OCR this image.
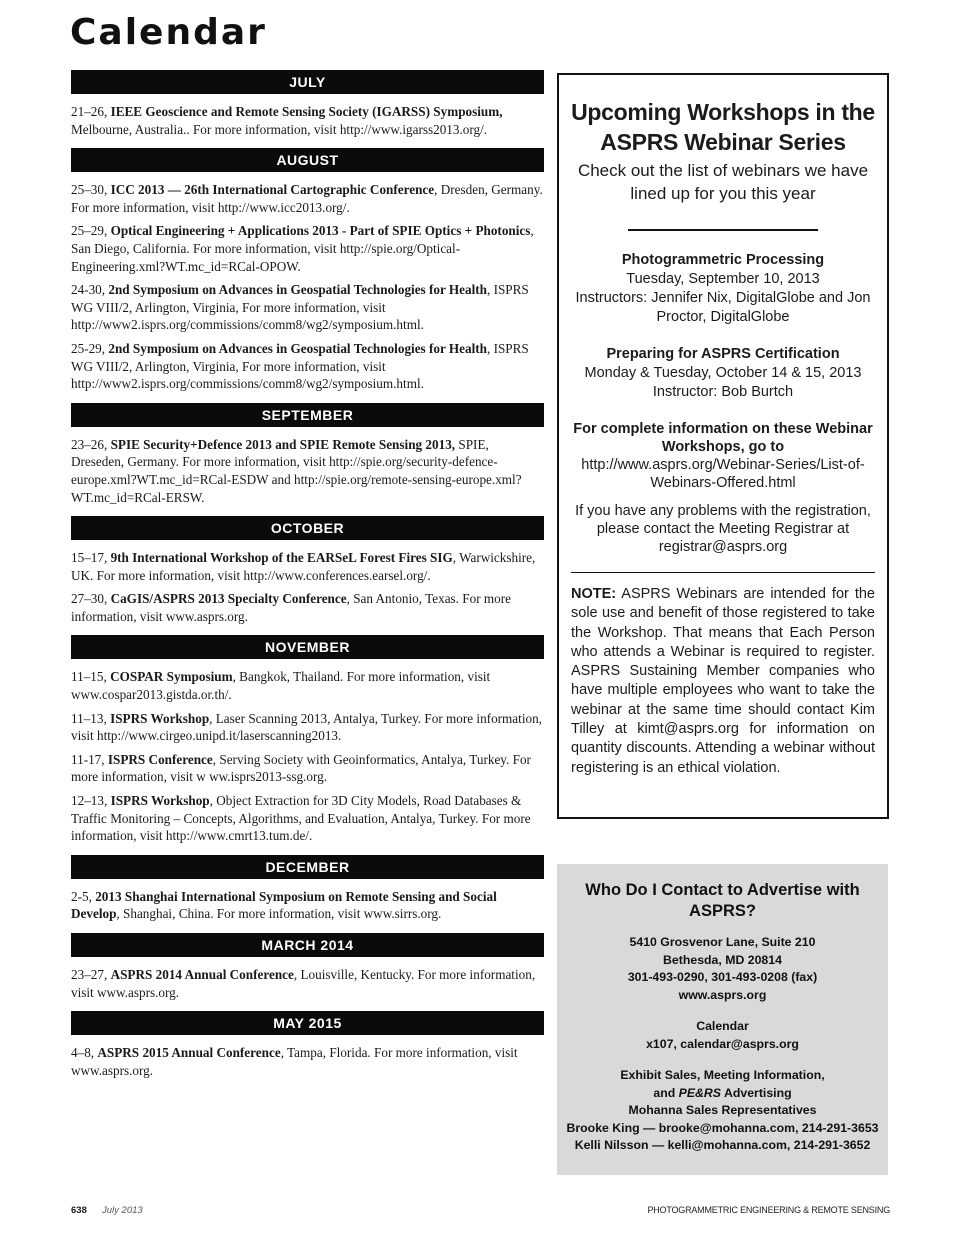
Calendar
JULY

21–26, IEEE Geoscience and Remote Sensing Society (IGARSS) Symposium, Melbourne, Australia.. For more information, visit http://www.igarss2013.org/.

AUGUST

25–30, ICC 2013 — 26th International Cartographic Conference, Dresden, Germany. For more information, visit http://www.icc2013.org/.

25–29, Optical Engineering + Applications 2013 - Part of SPIE Optics + Photonics, San Diego, California. For more information, visit http://spie.org/Optical-Engineering.xml?WT.mc_id=RCal-OPOW.

24-30, 2nd Symposium on Advances in Geospatial Technologies for Health, ISPRS WG VIII/2, Arlington, Virginia, For more information, visit http://www2.isprs.org/commissions/comm8/wg2/symposium.html.

25-29, 2nd Symposium on Advances in Geospatial Technologies for Health, ISPRS WG VIII/2, Arlington, Virginia, For more information, visit http://www2.isprs.org/commissions/comm8/wg2/symposium.html.

SEPTEMBER

23–26, SPIE Security+Defence 2013 and SPIE Remote Sensing 2013, SPIE, Dreseden, Germany. For more information, visit http://spie.org/security-defence-europe.xml?WT.mc_id=RCal-ESDW and http://spie.org/remote-sensing-europe.xml?WT.mc_id=RCal-ERSW.

OCTOBER

15–17, 9th International Workshop of the EARSeL Forest Fires SIG, Warwickshire, UK. For more information, visit http://www.conferences.earsel.org/.

27–30, CaGIS/ASPRS 2013 Specialty Conference, San Antonio, Texas. For more information, visit www.asprs.org.

NOVEMBER

11–15, COSPAR Symposium, Bangkok, Thailand. For more information, visit www.cospar2013.gistda.or.th/.

11–13, ISPRS Workshop, Laser Scanning 2013, Antalya, Turkey. For more information, visit http://www.cirgeo.unipd.it/laserscanning2013.

11-17, ISPRS Conference, Serving Society with Geoinformatics, Antalya, Turkey. For more information, visit w ww.isprs2013-ssg.org.

12–13, ISPRS Workshop, Object Extraction for 3D City Models, Road Databases & Traffic Monitoring – Concepts, Algorithms, and Evaluation, Antalya, Turkey. For more information, visit http://www.cmrt13.tum.de/.

DECEMBER

2-5, 2013 Shanghai International Symposium on Remote Sensing and Social Develop, Shanghai, China. For more information, visit www.sirrs.org.

MARCH 2014

23–27, ASPRS 2014 Annual Conference, Louisville, Kentucky. For more information, visit www.asprs.org.

MAY 2015

4–8, ASPRS 2015 Annual Conference, Tampa, Florida. For more information, visit www.asprs.org.

Upcoming Workshops in the ASPRS Webinar Series
Check out the list of webinars we have lined up for you this year
Photogrammetric Processing
Tuesday, September 10, 2013
Instructors: Jennifer Nix, DigitalGlobe and Jon Proctor, DigitalGlobe
Preparing for ASPRS Certification
Monday & Tuesday, October 14 & 15, 2013
Instructor: Bob Burtch
For complete information on these Webinar Workshops, go to
http://www.asprs.org/Webinar-Series/List-of-Webinars-Offered.html
If you have any problems with the registration, please contact the Meeting Registrar at registrar@asprs.org
NOTE: ASPRS Webinars are intended for the sole use and benefit of those registered to take the Workshop. That means that Each Person who attends a Webinar is required to register. ASPRS Sustaining Member companies who have multiple employees who want to take the webinar at the same time should contact Kim Tilley at kimt@asprs.org for information on quantity discounts. Attending a webinar without registering is an ethical violation.
Who Do I Contact to Advertise with ASPRS?
5410 Grosvenor Lane, Suite 210
Bethesda, MD 20814
301-493-0290, 301-493-0208 (fax)
www.asprs.org
Calendar
x107, calendar@asprs.org
Exhibit Sales, Meeting Information,
and PE&RS Advertising
Mohanna Sales Representatives
Brooke King — brooke@mohanna.com, 214-291-3653
Kelli Nilsson — kelli@mohanna.com, 214-291-3652
638 July 2013	PHOTOGRAMMETRIC ENGINEERING & REMOTE SENSING
